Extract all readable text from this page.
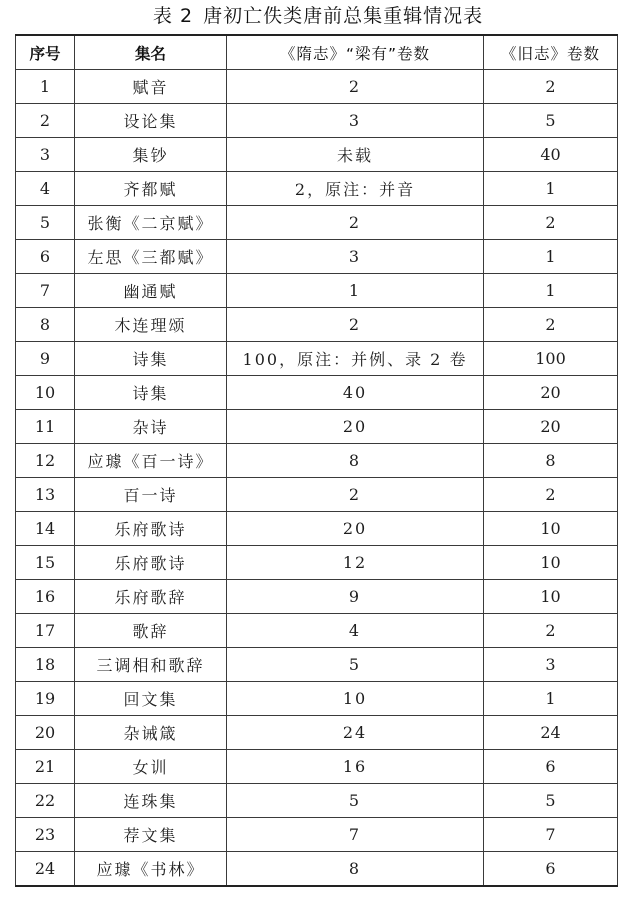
表 2 唐初亡佚类唐前总集重辑情况表
序号	集名	《隋志》“梁有”卷数	《旧志》卷数
1	赋音	2	2
2	设论集	3	5
3	集钞	未载	40
4	齐都赋	2，原注：并音	1
5	张衡《二京赋》	2	2
6	左思《三都赋》	3	1
7	幽通赋	1	1
8	木连理颂	2	2
9	诗集	100，原注：并例、录 2 卷	100
10	诗集	40	20
11	杂诗	20	20
12	应璩《百一诗》	8	8
13	百一诗	2	2
14	乐府歌诗	20	10
15	乐府歌诗	12	10
16	乐府歌辞	9	10
17	歌辞	4	2
18	三调相和歌辞	5	3
19	回文集	10	1
20	杂诫箴	24	24
21	女训	16	6
22	连珠集	5	5
23	荐文集	7	7
24	应璩《书林》	8	6
